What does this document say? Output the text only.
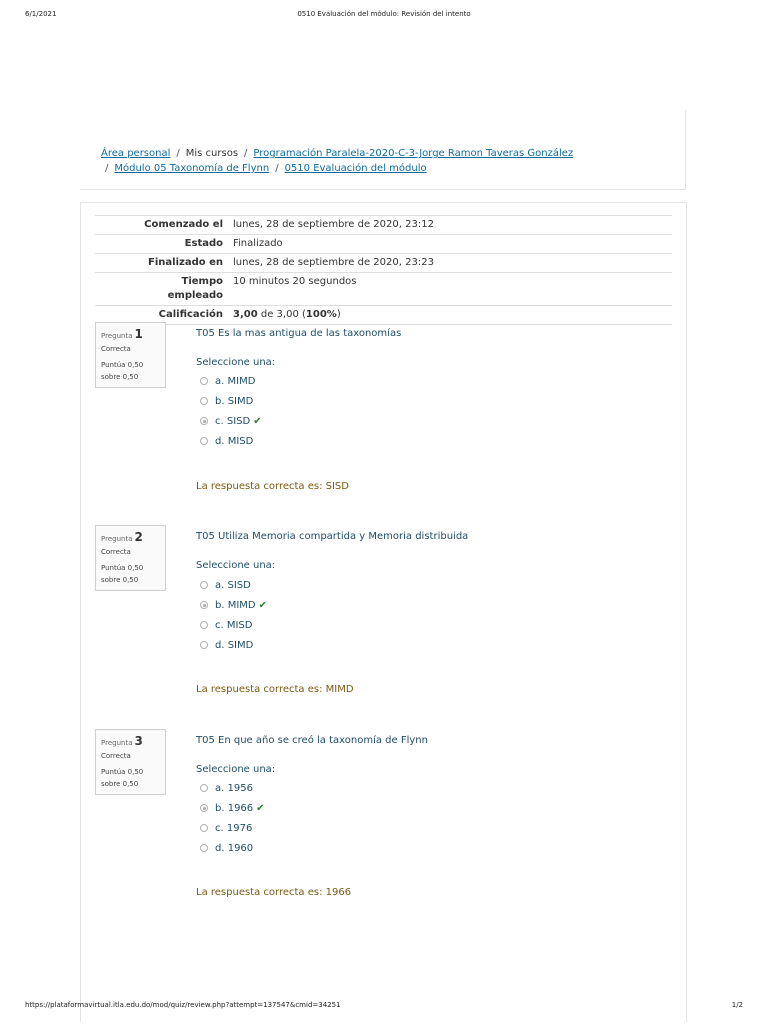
6/1/2021	0510 Evaluación del módulo: Revisión del intento
Área personal / Mis cursos / Programación Paralela-2020-C-3-Jorge Ramon Taveras González
/ Módulo 05 Taxonomía de Flynn / 0510 Evaluación del módulo
Comenzado el	lunes, 28 de septiembre de 2020, 23:12
Estado	Finalizado
Finalizado en	lunes, 28 de septiembre de 2020, 23:23
Tiempo empleado	10 minutos 20 segundos
Calificación	3,00 de 3,00 (100%)
Pregunta 1
Correcta
Puntúa 0,50 sobre 0,50
T05 Es la mas antigua de las taxonomías
Seleccione una:
a. MIMD
b. SIMD
c. SISD ✔
d. MISD
La respuesta correcta es: SISD
Pregunta 2
Correcta
Puntúa 0,50 sobre 0,50
T05 Utiliza Memoria compartida y Memoria distribuida
Seleccione una:
a. SISD
b. MIMD ✔
c. MISD
d. SIMD
La respuesta correcta es: MIMD
Pregunta 3
Correcta
Puntúa 0,50 sobre 0,50
T05 En que año se creó la taxonomía de Flynn
Seleccione una:
a. 1956
b. 1966 ✔
c. 1976
d. 1960
La respuesta correcta es: 1966
https://plataformavirtual.itla.edu.do/mod/quiz/review.php?attempt=137547&cmid=34251	1/2
